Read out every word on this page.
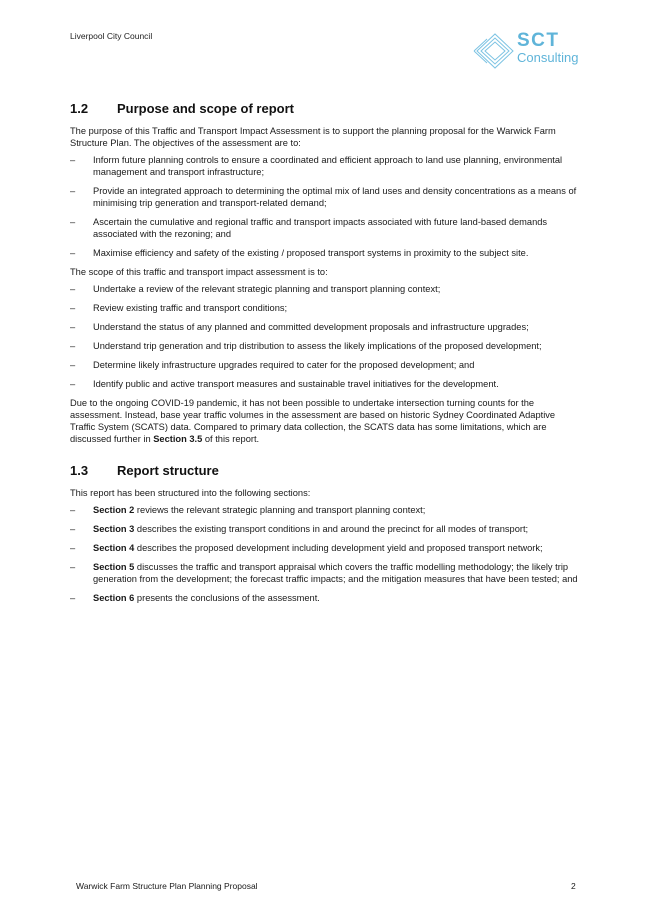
Liverpool City Council	SCT
Consulting
1.2 Purpose and scope of report

The purpose of this Traffic and Transport Impact Assessment is to support the planning proposal for the Warwick Farm Structure Plan. The objectives of the assessment are to:

– Inform future planning controls to ensure a coordinated and efficient approach to land use planning, environmental management and transport infrastructure;
– Provide an integrated approach to determining the optimal mix of land uses and density concentrations as a means of minimising trip generation and transport-related demand;
– Ascertain the cumulative and regional traffic and transport impacts associated with future land-based demands associated with the rezoning; and
– Maximise efficiency and safety of the existing / proposed transport systems in proximity to the subject site.

The scope of this traffic and transport impact assessment is to:

– Undertake a review of the relevant strategic planning and transport planning context;
– Review existing traffic and transport conditions;
– Understand the status of any planned and committed development proposals and infrastructure upgrades;
– Understand trip generation and trip distribution to assess the likely implications of the proposed development;
– Determine likely infrastructure upgrades required to cater for the proposed development; and
– Identify public and active transport measures and sustainable travel initiatives for the development.

Due to the ongoing COVID-19 pandemic, it has not been possible to undertake intersection turning counts for the assessment. Instead, base year traffic volumes in the assessment are based on historic Sydney Coordinated Adaptive Traffic System (SCATS) data. Compared to primary data collection, the SCATS data has some limitations, which are discussed further in Section 3.5 of this report.

1.3 Report structure

This report has been structured into the following sections:

– Section 2 reviews the relevant strategic planning and transport planning context;
– Section 3 describes the existing transport conditions in and around the precinct for all modes of transport;
– Section 4 describes the proposed development including development yield and proposed transport network;
– Section 5 discusses the traffic and transport appraisal which covers the traffic modelling methodology; the likely trip generation from the development; the forecast traffic impacts; and the mitigation measures that have been tested; and
– Section 6 presents the conclusions of the assessment.
Warwick Farm Structure Plan Planning Proposal	2
